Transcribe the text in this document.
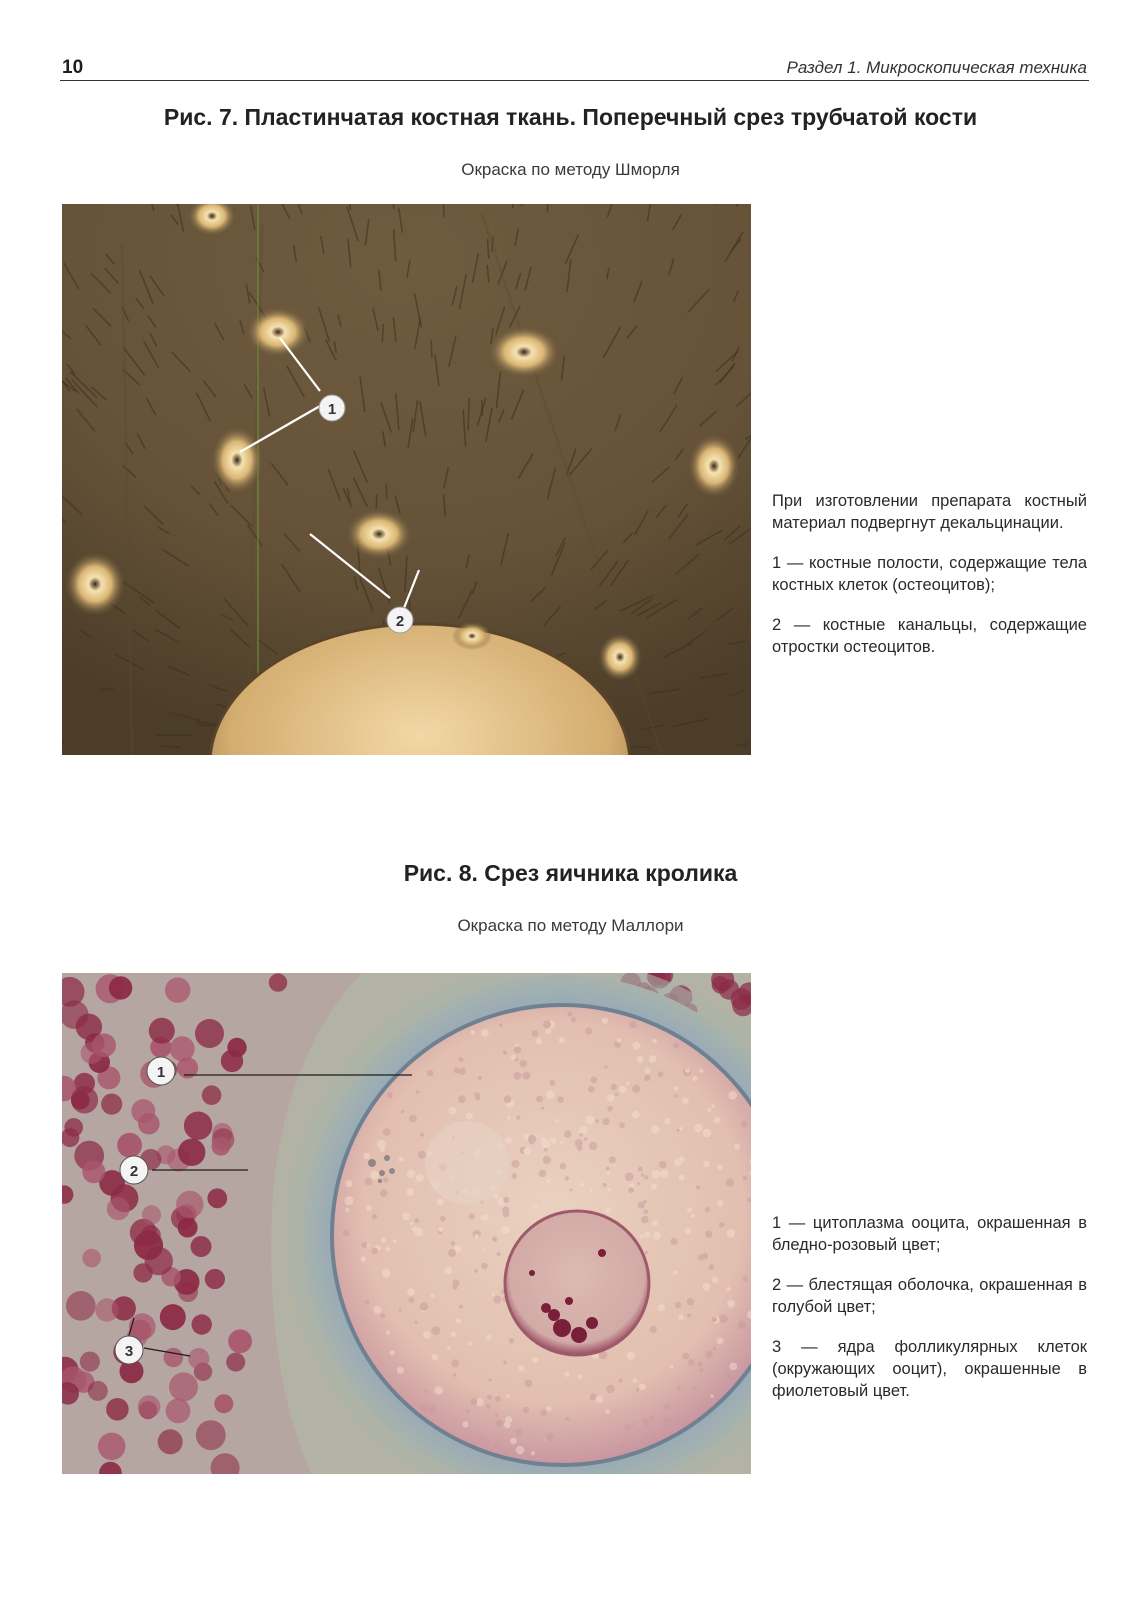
10	Раздел 1. Микроскопическая техника
Рис. 7. Пластинчатая костная ткань. Поперечный срез трубчатой кости
Окраска по методу Шморля
1
2

При изготовлении препарата костный материал подвергнут декальцинации.

1 — костные полости, содержащие тела костных клеток (остеоцитов);

2 — костные канальцы, содержащие отростки остеоцитов.

Рис. 8. Срез яичника кролика
Окраска по методу Маллори
1
2
3

1 — цитоплазма ооцита, окрашенная в бледно-розовый цвет;

2 — блестящая оболочка, окрашенная в голубой цвет;

3 — ядра фолликулярных клеток (окружающих ооцит), окрашенные в фиолетовый цвет.
